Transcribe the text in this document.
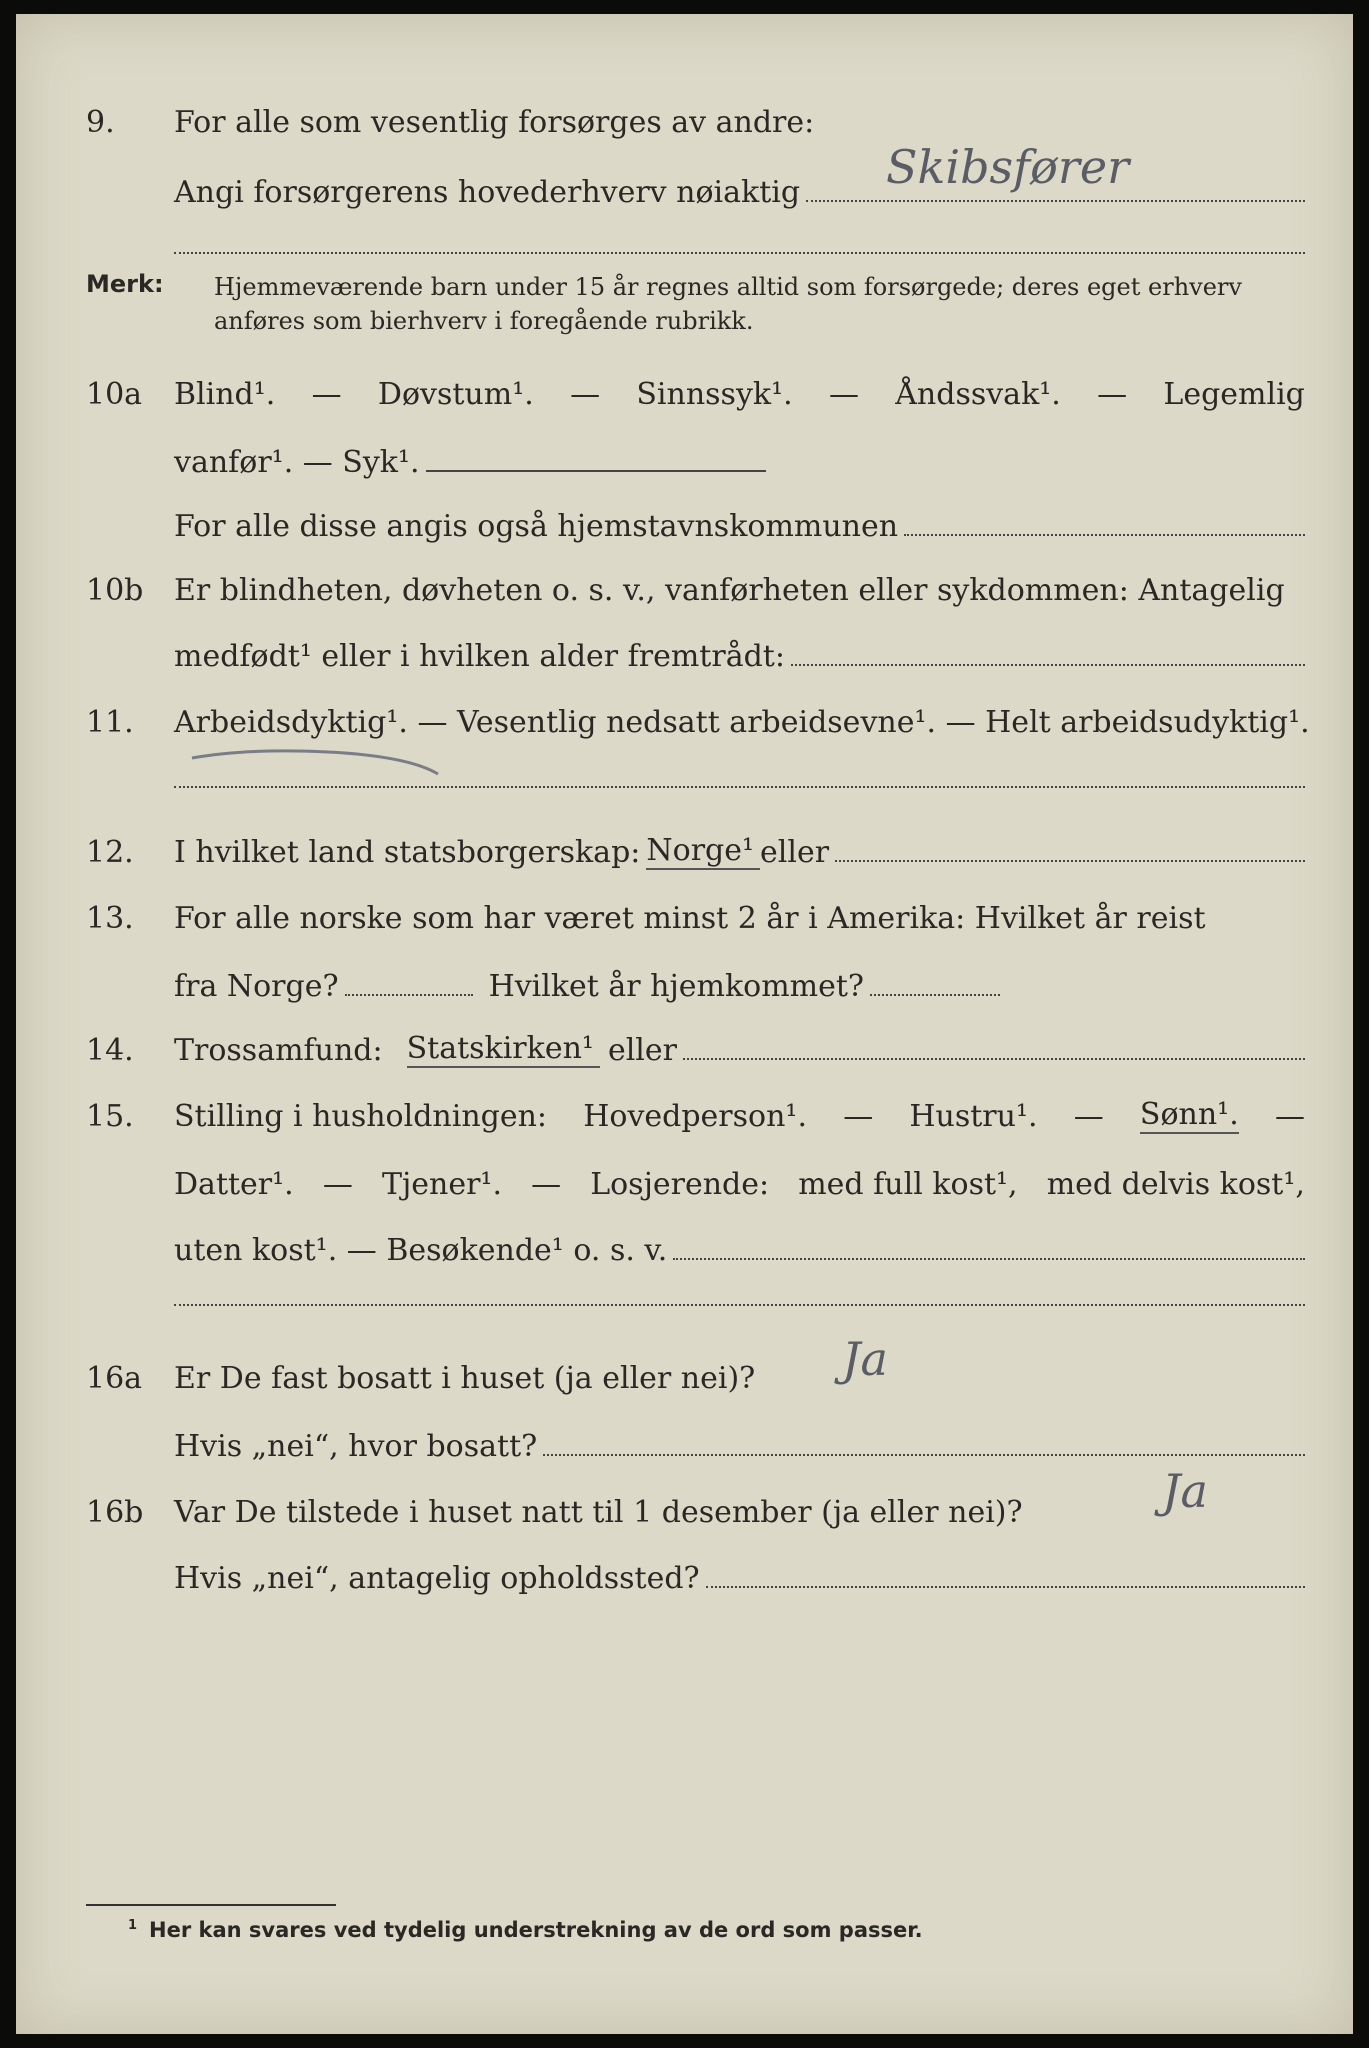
9. For alle som vesentlig forsørges av andre:
Angi forsørgerens hovederhverv nøiaktig Skibsfører
Merk: Hjemmeværende barn under 15 år regnes alltid som forsørgede; deres eget erhverv
anføres som bierhverv i foregående rubrikk.
10a Blind¹. — Døvstum¹. — Sinnssyk¹. — Åndssvak¹. — Legemlig
vanfør¹. — Syk¹.
For alle disse angis også hjemstavnskommunen
10b Er blindheten, døvheten o. s. v., vanførheten eller sykdommen: Antagelig
medfødt¹ eller i hvilken alder fremtrådt:
11. Arbeidsdyktig¹. — Vesentlig nedsatt arbeidsevne¹. — Helt arbeidsudyktig¹.
12. I hvilket land statsborgerskap: Norge¹ eller
13. For alle norske som har været minst 2 år i Amerika: Hvilket år reist
fra Norge?	Hvilket år hjemkommet?
14. Trossamfund: Statskirken¹ eller
15. Stilling i husholdningen: Hovedperson¹. — Hustru¹. — Sønn¹. —
Datter¹. — Tjener¹. — Losjerende: med full kost¹, med delvis kost¹,
uten kost¹. — Besøkende¹ o. s. v.
16a Er De fast bosatt i huset (ja eller nei)? Ja
Hvis „nei“, hvor bosatt?
16b Var De tilstede i huset natt til 1 desember (ja eller nei)?	Ja
Hvis „nei“, antagelig opholdssted?
$^1$ Her kan svares ved tydelig understrekning av de ord som passer.
